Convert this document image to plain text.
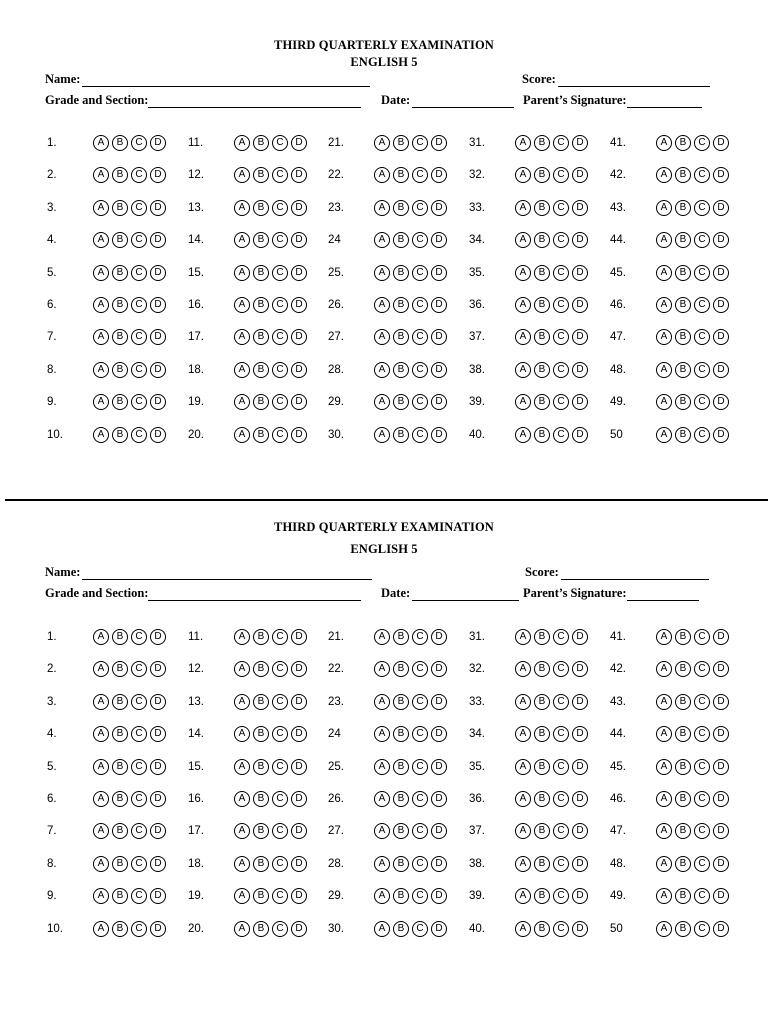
THIRD QUARTERLY EXAMINATION
ENGLISH 5
Name:	Score:
Grade and Section:	Date:	Parent’s Signature:
1.	A	B	C	D
2.	A	B	C	D
3.	A	B	C	D
4.	A	B	C	D
5.	A	B	C	D
6.	A	B	C	D
7.	A	B	C	D
8.	A	B	C	D
9.	A	B	C	D
10.	A	B	C	D
11.	A	B	C	D
12.	A	B	C	D
13.	A	B	C	D
14.	A	B	C	D
15.	A	B	C	D
16.	A	B	C	D
17.	A	B	C	D
18.	A	B	C	D
19.	A	B	C	D
20.	A	B	C	D
21.	A	B	C	D
22.	A	B	C	D
23.	A	B	C	D
24	A	B	C	D
25.	A	B	C	D
26.	A	B	C	D
27.	A	B	C	D
28.	A	B	C	D
29.	A	B	C	D
30.	A	B	C	D
31.	A	B	C	D
32.	A	B	C	D
33.	A	B	C	D
34.	A	B	C	D
35.	A	B	C	D
36.	A	B	C	D
37.	A	B	C	D
38.	A	B	C	D
39.	A	B	C	D
40.	A	B	C	D
41.	A	B	C	D
42.	A	B	C	D
43.	A	B	C	D
44.	A	B	C	D
45.	A	B	C	D
46.	A	B	C	D
47.	A	B	C	D
48.	A	B	C	D
49.	A	B	C	D
50	A	B	C	D
THIRD QUARTERLY EXAMINATION
ENGLISH 5
Name:	Score:
Grade and Section:	Date:	Parent’s Signature:
1.	A	B	C	D
2.	A	B	C	D
3.	A	B	C	D
4.	A	B	C	D
5.	A	B	C	D
6.	A	B	C	D
7.	A	B	C	D
8.	A	B	C	D
9.	A	B	C	D
10.	A	B	C	D
11.	A	B	C	D
12.	A	B	C	D
13.	A	B	C	D
14.	A	B	C	D
15.	A	B	C	D
16.	A	B	C	D
17.	A	B	C	D
18.	A	B	C	D
19.	A	B	C	D
20.	A	B	C	D
21.	A	B	C	D
22.	A	B	C	D
23.	A	B	C	D
24	A	B	C	D
25.	A	B	C	D
26.	A	B	C	D
27.	A	B	C	D
28.	A	B	C	D
29.	A	B	C	D
30.	A	B	C	D
31.	A	B	C	D
32.	A	B	C	D
33.	A	B	C	D
34.	A	B	C	D
35.	A	B	C	D
36.	A	B	C	D
37.	A	B	C	D
38.	A	B	C	D
39.	A	B	C	D
40.	A	B	C	D
41.	A	B	C	D
42.	A	B	C	D
43.	A	B	C	D
44.	A	B	C	D
45.	A	B	C	D
46.	A	B	C	D
47.	A	B	C	D
48.	A	B	C	D
49.	A	B	C	D
50	A	B	C	D
